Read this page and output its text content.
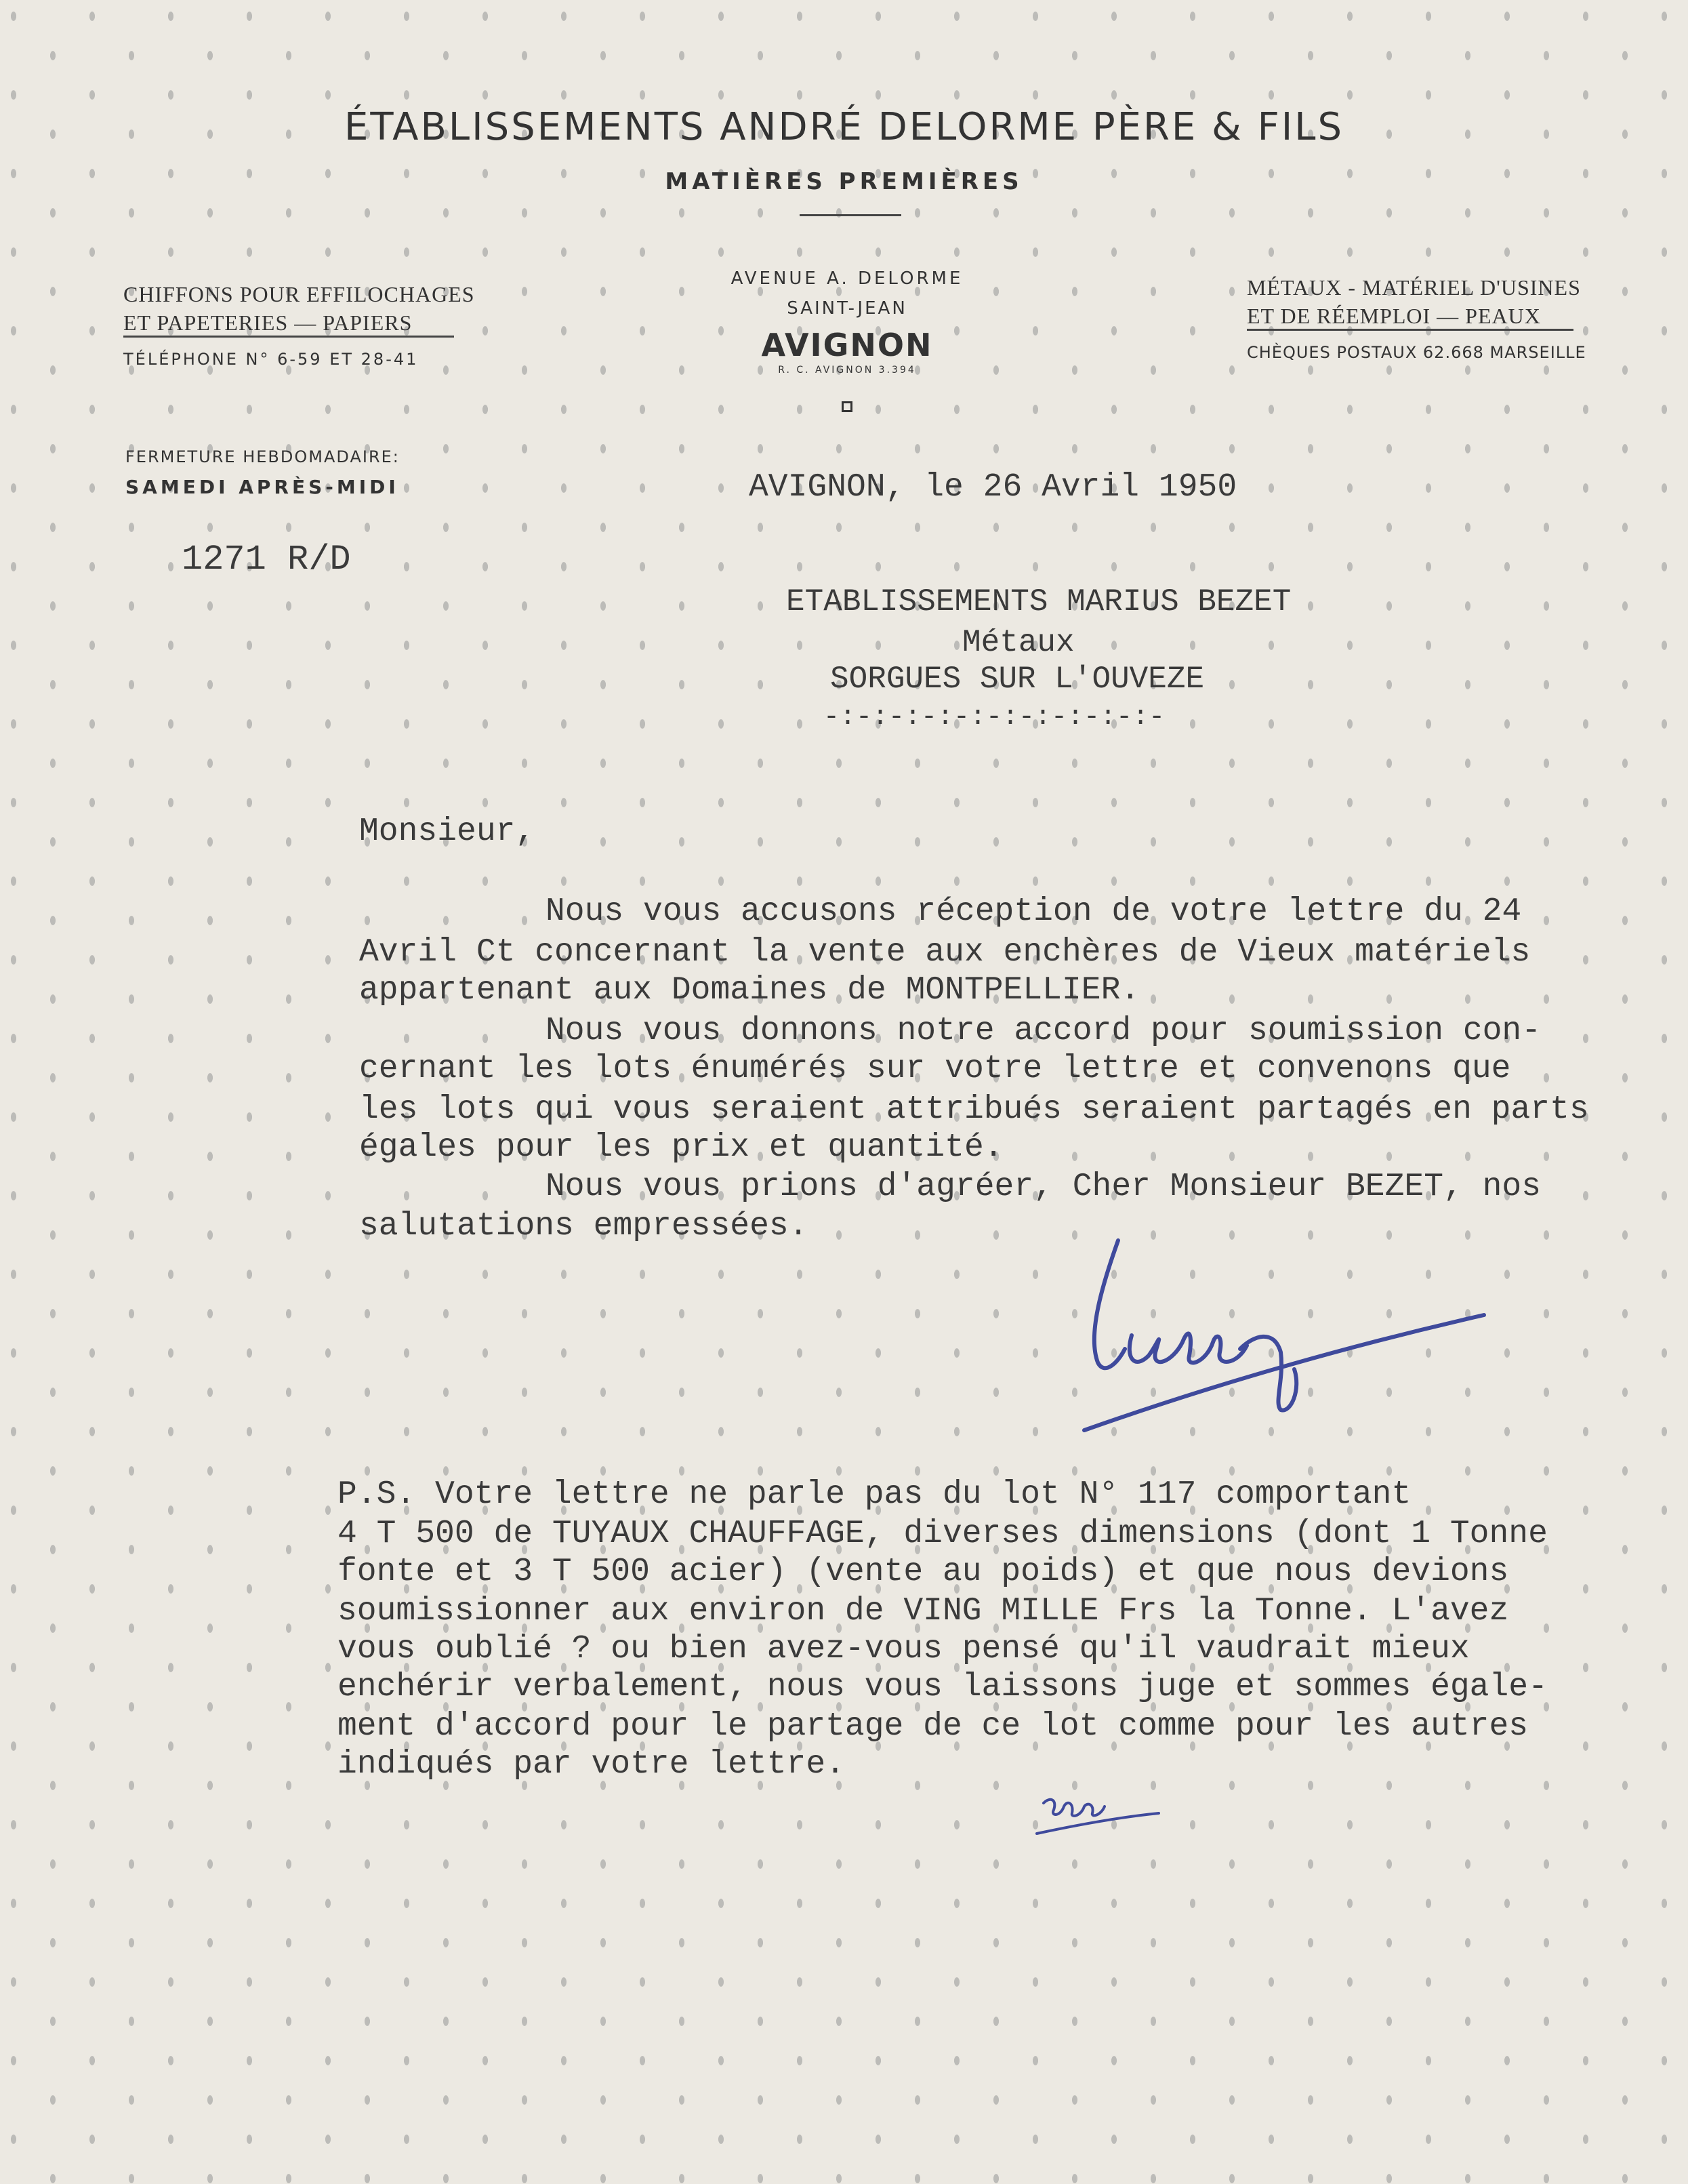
ÉTABLISSEMENTS ANDRÉ DELORME PÈRE & FILS
MATIÈRES PREMIÈRES
CHIFFONS POUR EFFILOCHAGES
ET PAPETERIES — PAPIERS
TÉLÉPHONE N° 6-59 ET 28-41
AVENUE A. DELORME
SAINT-JEAN
AVIGNON
R. C. AVIGNON 3.394
MÉTAUX - MATÉRIEL D'USINES
ET DE RÉEMPLOI — PEAUX
CHÈQUES POSTAUX 62.668 MARSEILLE
FERMETURE HEBDOMADAIRE:
SAMEDI APRÈS-MIDI
1271 R/D
AVIGNON, le 26 Avril 1950
ETABLISSEMENTS MARIUS BEZET
Métaux
SORGUES SUR L'OUVEZE
-:-:-:-:-:-:-:-:-:-:-
Monsieur,
Nous vous accusons réception de votre lettre du 24
Avril Ct concernant la vente aux enchères de Vieux matériels
appartenant aux Domaines de MONTPELLIER.
Nous vous donnons notre accord pour soumission con-
cernant les lots énumérés sur votre lettre et convenons que
les lots qui vous seraient attribués seraient partagés en parts
égales pour les prix et quantité.
Nous vous prions d'agréer, Cher Monsieur BEZET, nos
salutations empressées.
P.S. Votre lettre ne parle pas du lot N° 117 comportant
4 T 500 de TUYAUX CHAUFFAGE, diverses dimensions (dont 1 Tonne
fonte et 3 T 500 acier) (vente au poids) et que nous devions
soumissionner aux environ de VING MILLE Frs la Tonne. L'avez
vous oublié ? ou bien avez-vous pensé qu'il vaudrait mieux
enchérir verbalement, nous vous laissons juge et sommes égale-
ment d'accord pour le partage de ce lot comme pour les autres
indiqués par votre lettre.
